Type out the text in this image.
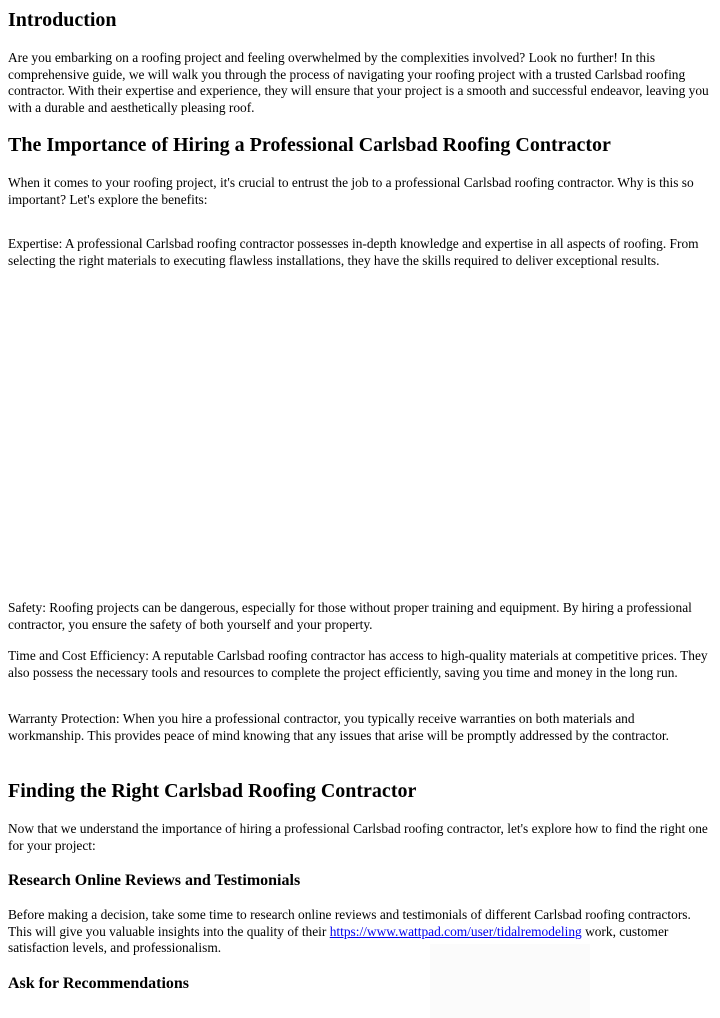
Introduction

Are you embarking on a roofing project and feeling overwhelmed by the complexities involved? Look no further! In this comprehensive guide, we will walk you through the process of navigating your roofing project with a trusted Carlsbad roofing contractor. With their expertise and experience, they will ensure that your project is a smooth and successful endeavor, leaving you with a durable and aesthetically pleasing roof.

The Importance of Hiring a Professional Carlsbad Roofing Contractor

When it comes to your roofing project, it's crucial to entrust the job to a professional Carlsbad roofing contractor. Why is this so important? Let's explore the benefits:

Expertise: A professional Carlsbad roofing contractor possesses in-depth knowledge and expertise in all aspects of roofing. From selecting the right materials to executing flawless installations, they have the skills required to deliver exceptional results.

Safety: Roofing projects can be dangerous, especially for those without proper training and equipment. By hiring a professional contractor, you ensure the safety of both yourself and your property.

Time and Cost Efficiency: A reputable Carlsbad roofing contractor has access to high-quality materials at competitive prices. They also possess the necessary tools and resources to complete the project efficiently, saving you time and money in the long run.

Warranty Protection: When you hire a professional contractor, you typically receive warranties on both materials and workmanship. This provides peace of mind knowing that any issues that arise will be promptly addressed by the contractor.

Finding the Right Carlsbad Roofing Contractor

Now that we understand the importance of hiring a professional Carlsbad roofing contractor, let's explore how to find the right one for your project:

Research Online Reviews and Testimonials

Before making a decision, take some time to research online reviews and testimonials of different Carlsbad roofing contractors. This will give you valuable insights into the quality of their https://www.wattpad.com/user/tidalremodeling work, customer satisfaction levels, and professionalism.

Ask for Recommendations
